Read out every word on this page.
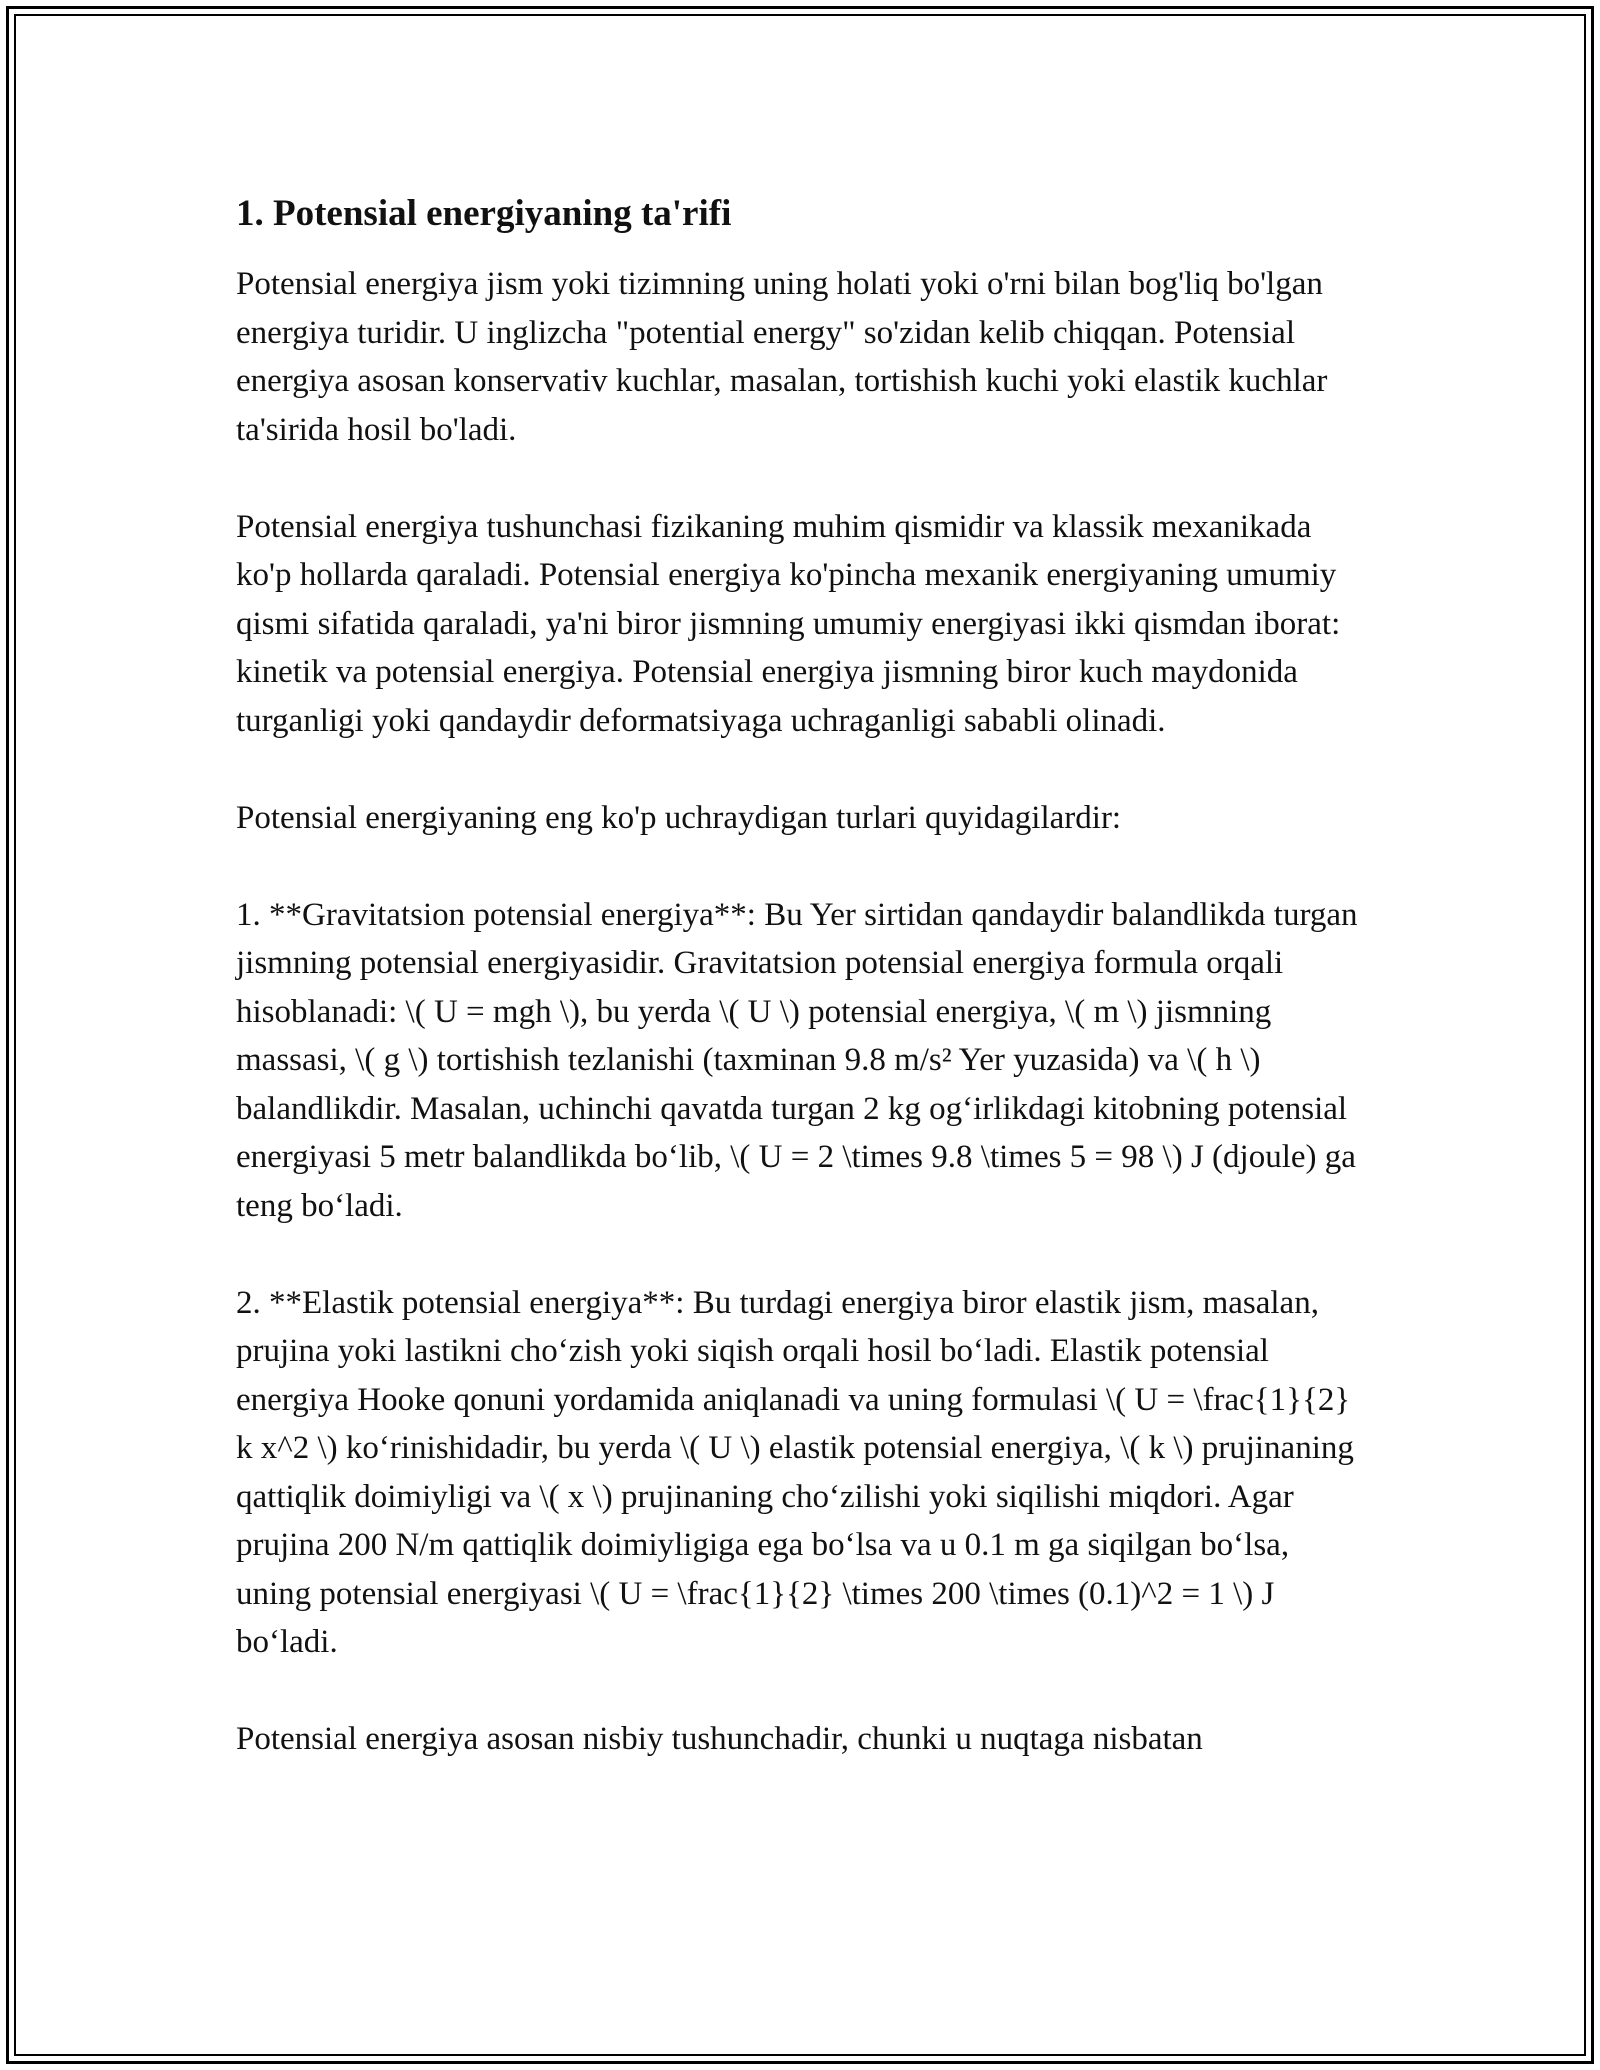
1. Potensial energiyaning ta'rifi

Potensial energiya jism yoki tizimning uning holati yoki o'rni bilan bog'liq bo'lgan energiya turidir. U inglizcha "potential energy" so'zidan kelib chiqqan. Potensial energiya asosan konservativ kuchlar, masalan, tortishish kuchi yoki elastik kuchlar ta'sirida hosil bo'ladi.

Potensial energiya tushunchasi fizikaning muhim qismidir va klassik mexanikada ko'p hollarda qaraladi. Potensial energiya ko'pincha mexanik energiyaning umumiy qismi sifatida qaraladi, ya'ni biror jismning umumiy energiyasi ikki qismdan iborat: kinetik va potensial energiya. Potensial energiya jismning biror kuch maydonida turganligi yoki qandaydir deformatsiyaga uchraganligi sababli olinadi.

Potensial energiyaning eng ko'p uchraydigan turlari quyidagilardir:

1. **Gravitatsion potensial energiya**: Bu Yer sirtidan qandaydir balandlikda turgan jismning potensial energiyasidir. Gravitatsion potensial energiya formula orqali hisoblanadi: \( U = mgh \), bu yerda \( U \) potensial energiya, \( m \) jismning massasi, \( g \) tortishish tezlanishi (taxminan 9.8 m/s² Yer yuzasida) va \( h \) balandlikdir. Masalan, uchinchi qavatda turgan 2 kg og‘irlikdagi kitobning potensial energiyasi 5 metr balandlikda bo‘lib, \( U = 2 \times 9.8 \times 5 = 98 \) J (djoule) ga teng bo‘ladi.

2. **Elastik potensial energiya**: Bu turdagi energiya biror elastik jism, masalan, prujina yoki lastikni cho‘zish yoki siqish orqali hosil bo‘ladi. Elastik potensial energiya Hooke qonuni yordamida aniqlanadi va uning formulasi \( U = \frac{1}{2} k x^2 \) ko‘rinishidadir, bu yerda \( U \) elastik potensial energiya, \( k \) prujinaning qattiqlik doimiyligi va \( x \) prujinaning cho‘zilishi yoki siqilishi miqdori. Agar prujina 200 N/m qattiqlik doimiyligiga ega bo‘lsa va u 0.1 m ga siqilgan bo‘lsa, uning potensial energiyasi \( U = \frac{1}{2} \times 200 \times (0.1)^2 = 1 \) J bo‘ladi.

Potensial energiya asosan nisbiy tushunchadir, chunki u nuqtaga nisbatan
